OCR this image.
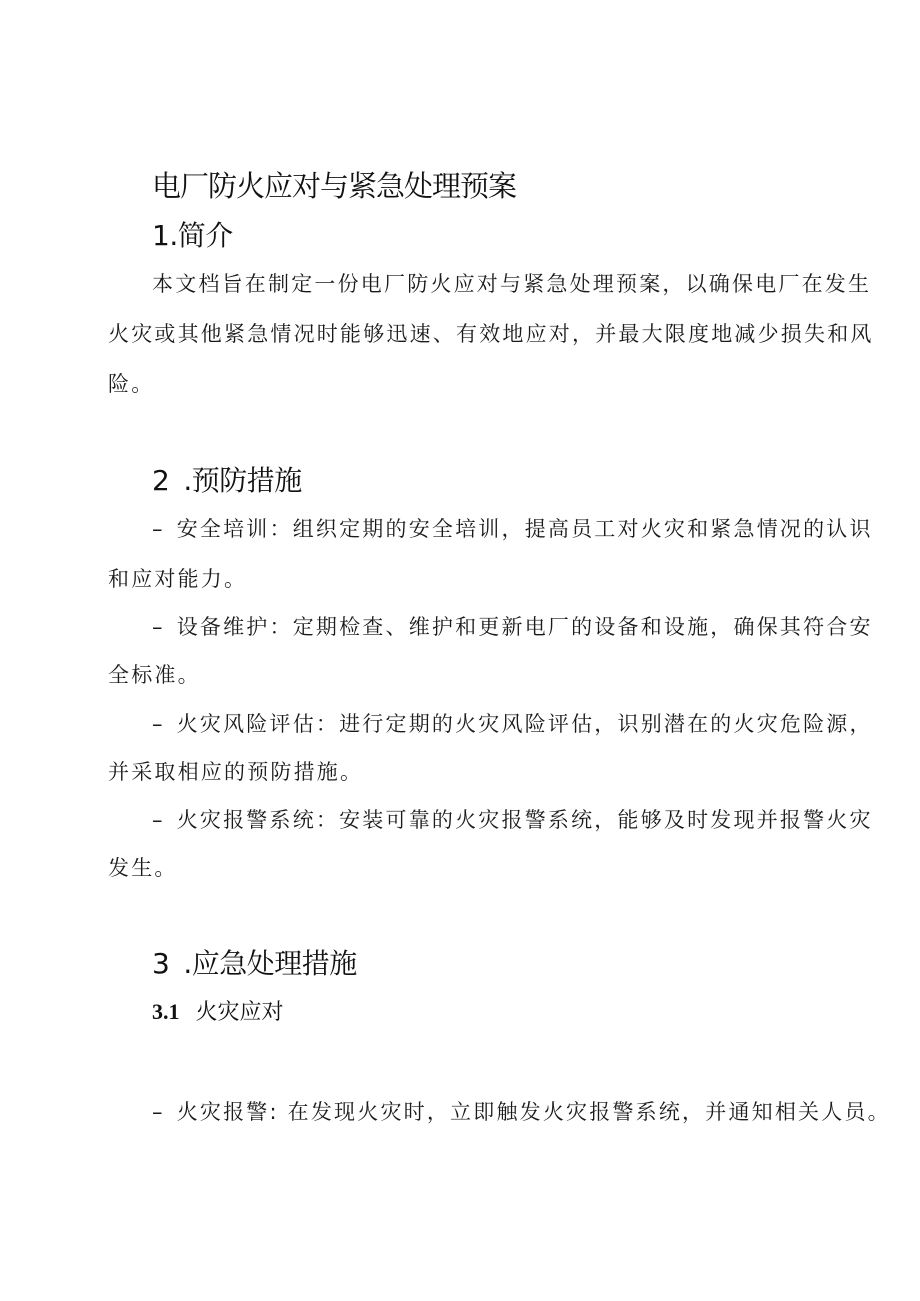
电厂防火应对与紧急处理预案
1.简介
本文档旨在制定一份电厂防火应对与紧急处理预案，以确保电厂在发生
火灾或其他紧急情况时能够迅速、有效地应对，并最大限度地减少损失和风
险。
2 .预防措施
– 安全培训：组织定期的安全培训，提高员工对火灾和紧急情况的认识
和应对能力。
– 设备维护：定期检查、维护和更新电厂的设备和设施，确保其符合安
全标准。
– 火灾风险评估：进行定期的火灾风险评估，识别潜在的火灾危险源，
并采取相应的预防措施。
– 火灾报警系统：安装可靠的火灾报警系统，能够及时发现并报警火灾
发生。
3 .应急处理措施
3.1 火灾应对
– 火灾报警: 在发现火灾时，立即触发火灾报警系统，并通知相关人员。
